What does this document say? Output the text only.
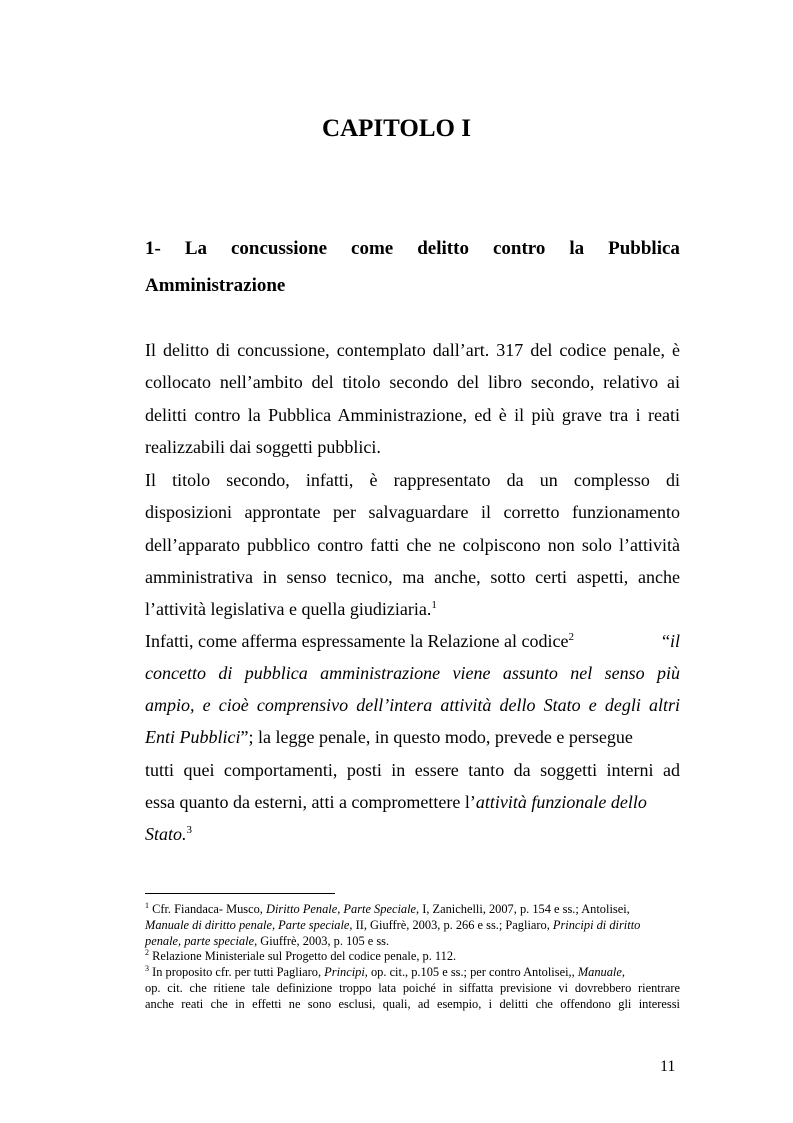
CAPITOLO I
1- La concussione come delitto contro la Pubblica
Amministrazione
Il delitto di concussione, contemplato dall’art. 317 del codice penale, è
collocato nell’ambito del titolo secondo del libro secondo, relativo ai
delitti contro la Pubblica Amministrazione, ed è il più grave tra i reati
realizzabili dai soggetti pubblici.
Il titolo secondo, infatti, è rappresentato da un complesso di
disposizioni approntate per salvaguardare il corretto funzionamento
dell’apparato pubblico contro fatti che ne colpiscono non solo l’attività
amministrativa in senso tecnico, ma anche, sotto certi aspetti, anche
l’attività legislativa e quella giudiziaria.$^1$
Infatti, come afferma espressamente la Relazione al codice$^2$	“il
concetto di pubblica amministrazione viene assunto nel senso più
ampio, e cioè comprensivo dell’intera attività dello Stato e degli altri
Enti Pubblici”; la legge penale, in questo modo, prevede e persegue
tutti quei comportamenti, posti in essere tanto da soggetti interni ad
essa quanto da esterni, atti a compromettere l’attività funzionale dello
Stato.$^3$
$^1$ Cfr. Fiandaca- Musco, Diritto Penale, Parte Speciale, I, Zanichelli, 2007, p. 154 e ss.; Antolisei,
Manuale di diritto penale, Parte speciale, II, Giuffrè, 2003, p. 266 e ss.; Pagliaro, Principi di diritto
penale, parte speciale, Giuffrè, 2003, p. 105 e ss.
$^2$ Relazione Ministeriale sul Progetto del codice penale, p. 112.
$^3$ In proposito cfr. per tutti Pagliaro, Principi, op. cit., p.105 e ss.; per contro Antolisei,, Manuale,
op. cit. che ritiene tale definizione troppo lata poiché in siffatta previsione vi dovrebbero rientrare
anche reati che in effetti ne sono esclusi, quali, ad esempio, i delitti che offendono gli interessi
11
